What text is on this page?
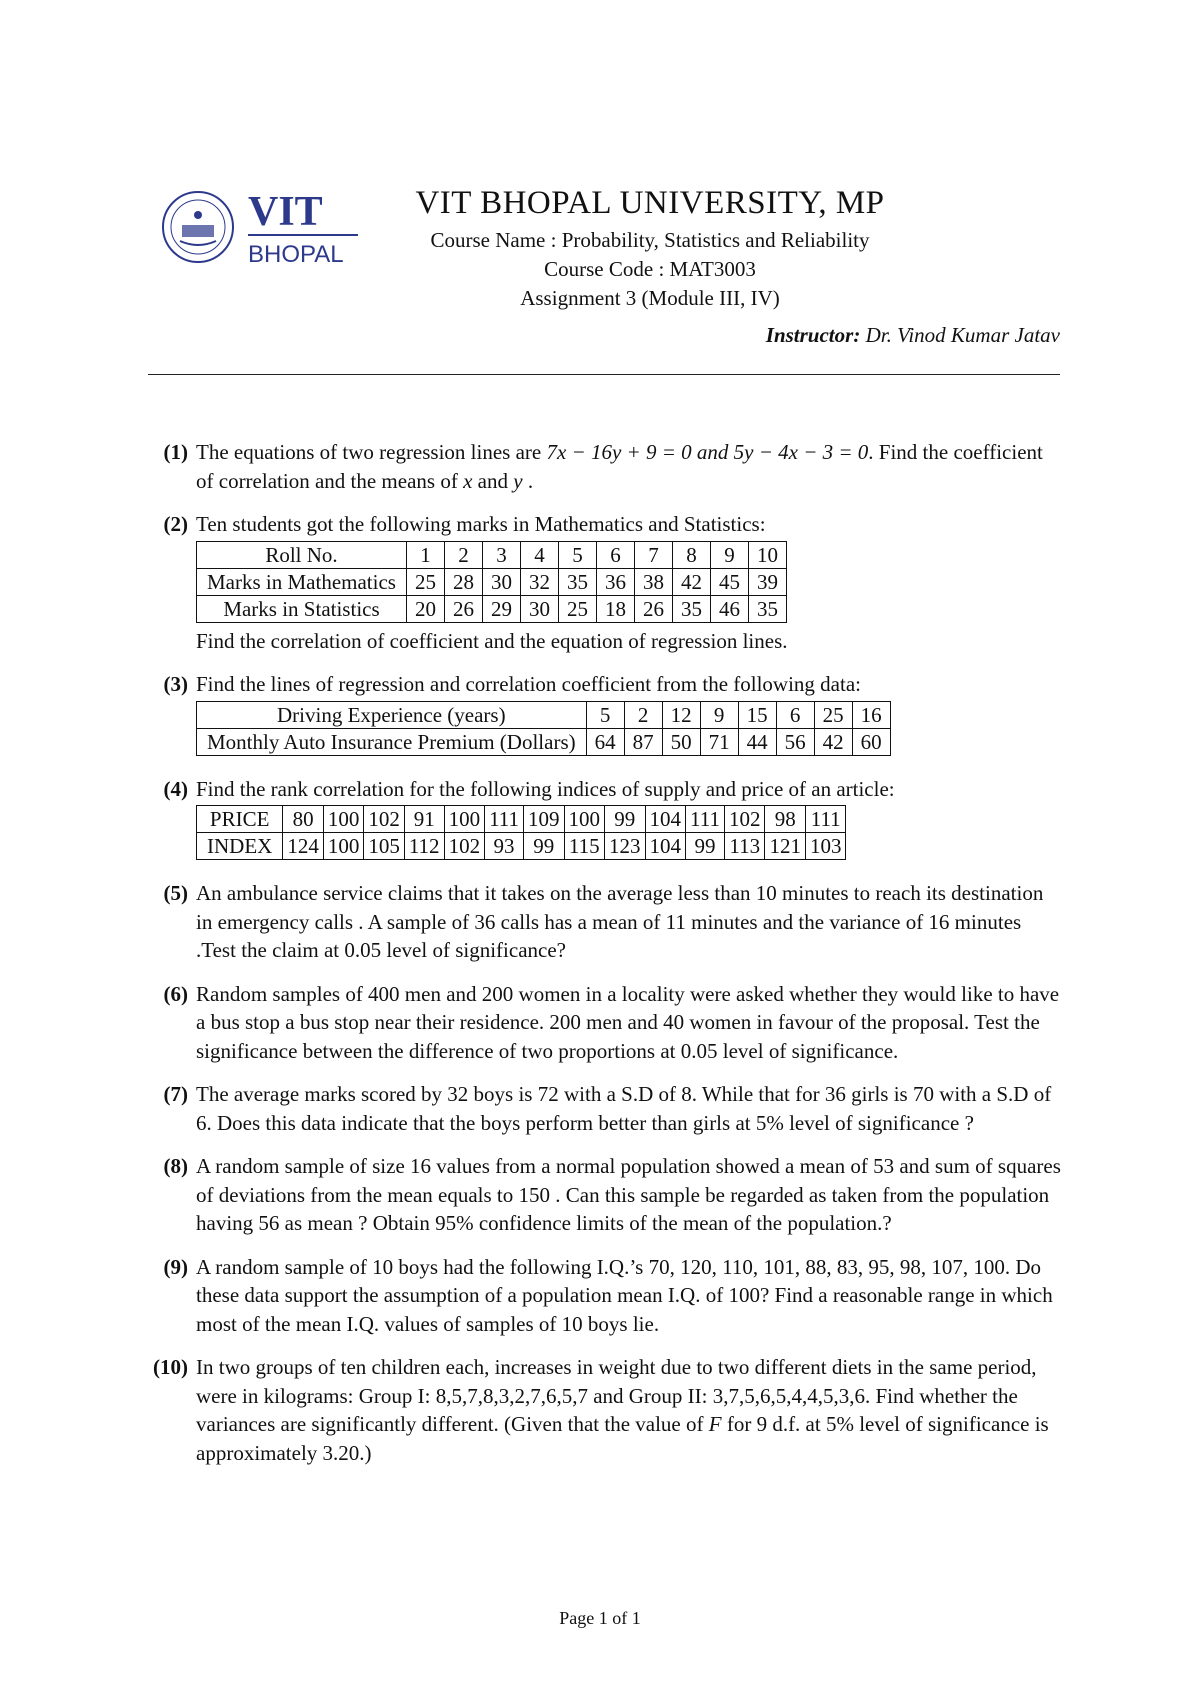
VIT
BHOPAL
VIT BHOPAL UNIVERSITY, MP
Course Name : Probability, Statistics and Reliability
Course Code : MAT3003
Assignment 3 (Module III, IV)
Instructor: Dr. Vinod Kumar Jatav
(1) The equations of two regression lines are 7x − 16y + 9 = 0 and 5y − 4x − 3 = 0. Find the coefficient of correlation and the means of x and y .

(2) Ten students got the following marks in Mathematics and Statistics:

Roll No.	1	2	3	4	5	6	7	8	9	10
Marks in Mathematics	25	28	30	32	35	36	38	42	45	39
Marks in Statistics	20	26	29	30	25	18	26	35	46	35

Find the correlation of coefficient and the equation of regression lines.

(3) Find the lines of regression and correlation coefficient from the following data:

Driving Experience (years)	5	2	12	9	15	6	25	16
Monthly Auto Insurance Premium (Dollars)	64	87	50	71	44	56	42	60
(4) Find the rank correlation for the following indices of supply and price of an article:

PRICE	80	100	102	91	100	111	109	100	99	104	111	102	98	111
INDEX	124	100	105	112	102	93	99	115	123	104	99	113	121	103
(5) An ambulance service claims that it takes on the average less than 10 minutes to reach its destination in emergency calls . A sample of 36 calls has a mean of 11 minutes and the variance of 16 minutes .Test the claim at 0.05 level of significance?

(6) Random samples of 400 men and 200 women in a locality were asked whether they would like to have a bus stop a bus stop near their residence. 200 men and 40 women in favour of the proposal. Test the significance between the difference of two proportions at 0.05 level of significance.

(7) The average marks scored by 32 boys is 72 with a S.D of 8. While that for 36 girls is 70 with a S.D of 6. Does this data indicate that the boys perform better than girls at 5% level of significance ?

(8) A random sample of size 16 values from a normal population showed a mean of 53 and sum of squares of deviations from the mean equals to 150 . Can this sample be regarded as taken from the population having 56 as mean ? Obtain 95% confidence limits of the mean of the population.?

(9) A random sample of 10 boys had the following I.Q.’s 70, 120, 110, 101, 88, 83, 95, 98, 107, 100. Do these data support the assumption of a population mean I.Q. of 100? Find a reasonable range in which most of the mean I.Q. values of samples of 10 boys lie.

(10) In two groups of ten children each, increases in weight due to two different diets in the same period, were in kilograms: Group I: 8,5,7,8,3,2,7,6,5,7 and Group II: 3,7,5,6,5,4,4,5,3,6. Find whether the variances are significantly different. (Given that the value of F for 9 d.f. at 5% level of significance is approximately 3.20.)

Page 1 of 1
